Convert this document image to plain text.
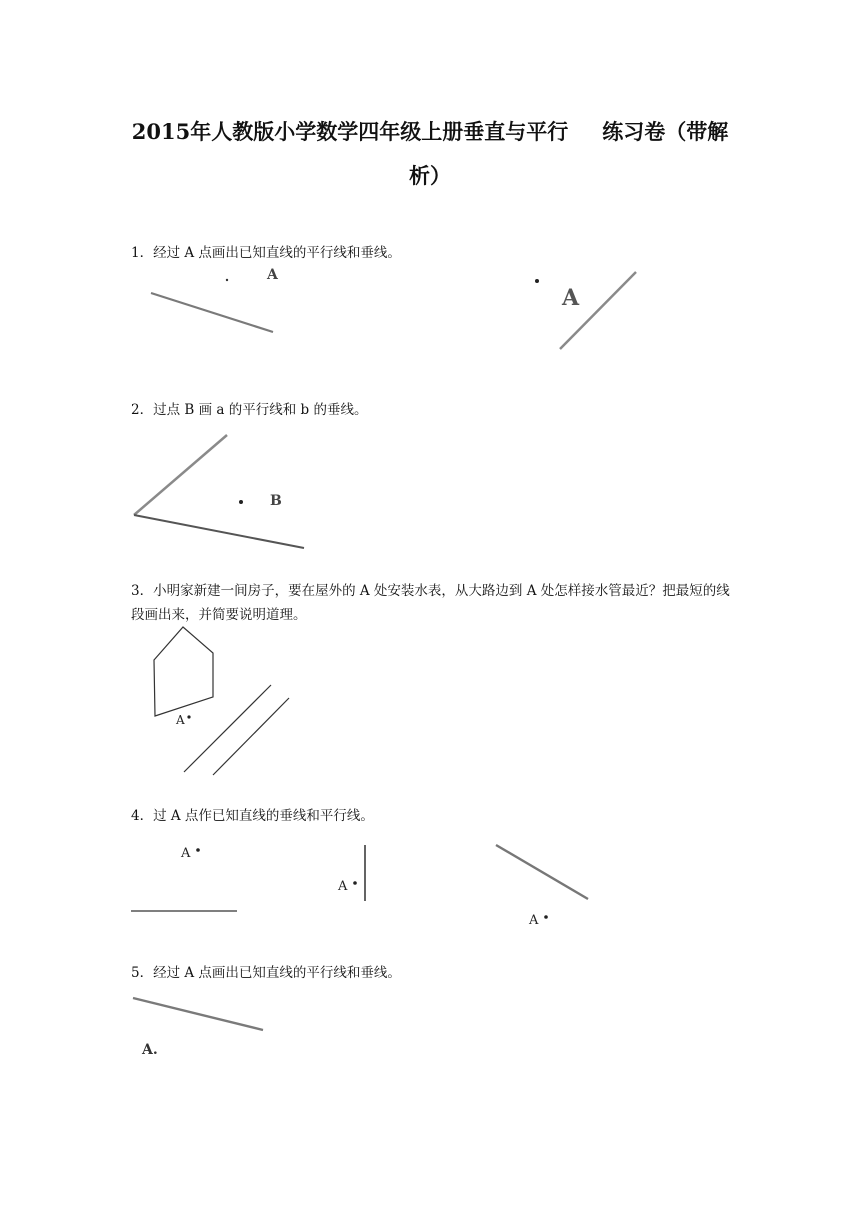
2015年人教版小学数学四年级上册垂直与平行 练习卷（带解
析）
1．经过 A 点画出已知直线的平行线和垂线。
2．过点 B 画 a 的平行线和 b 的垂线。
3．小明家新建一间房子，要在屋外的 A 处安装水表，从大路边到 A 处怎样接水管最近？把最短的线段画出来，并简要说明道理。
4．过 A 点作已知直线的垂线和平行线。
5．经过 A 点画出已知直线的平行线和垂线。
A
A
B
A
A
A
A
A.
